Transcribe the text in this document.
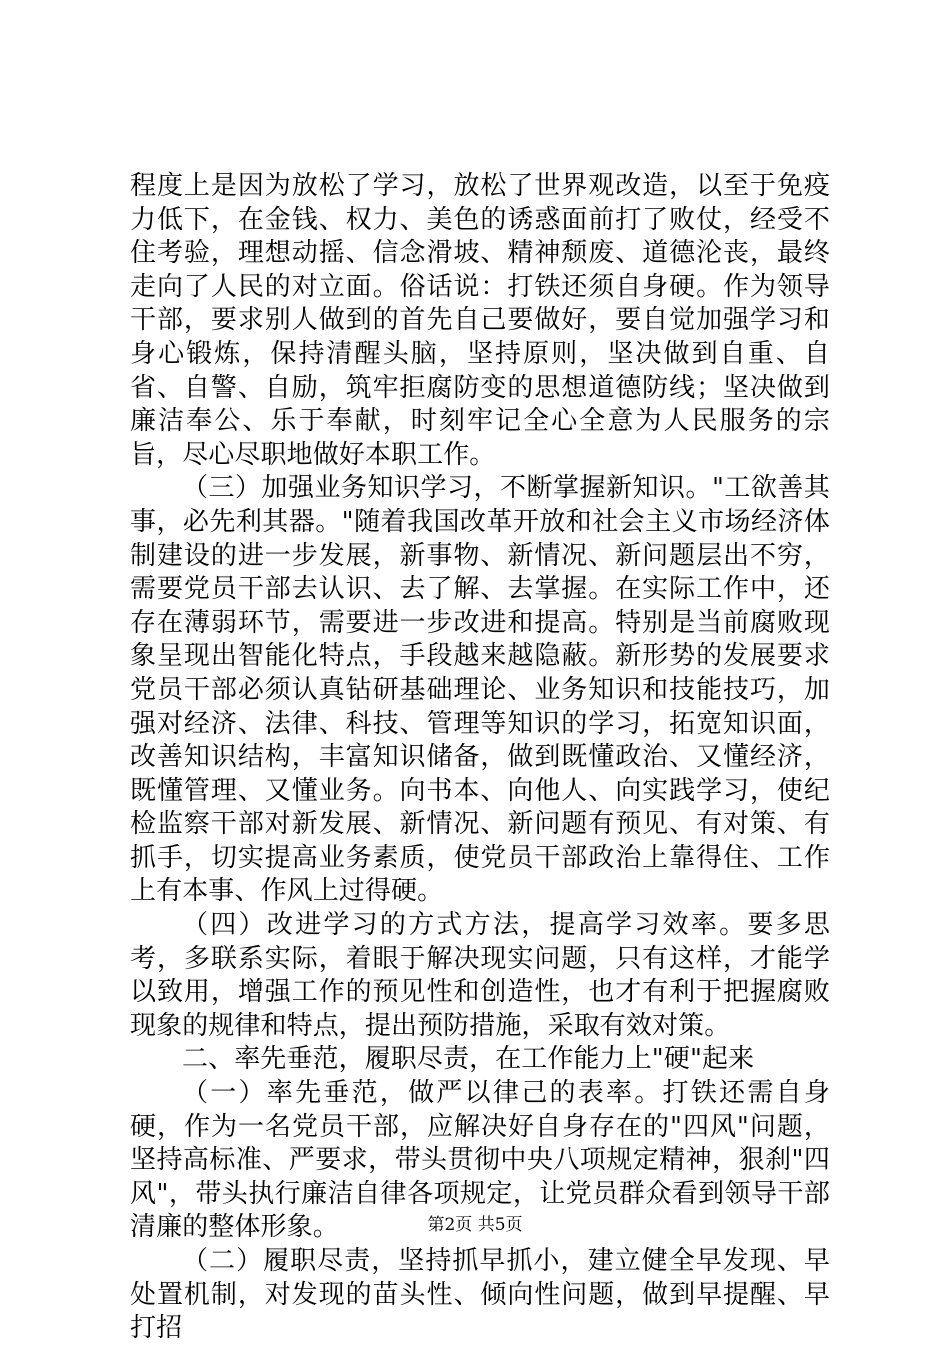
程度上是因为放松了学习，放松了世界观改造，以至于免疫力低下，在金钱、权力、美色的诱惑面前打了败仗，经受不住考验，理想动摇、信念滑坡、精神颓废、道德沦丧，最终走向了人民的对立面。俗话说：打铁还须自身硬。作为领导干部，要求别人做到的首先自己要做好，要自觉加强学习和身心锻炼，保持清醒头脑，坚持原则，坚决做到自重、自省、自警、自励，筑牢拒腐防变的思想道德防线；坚决做到廉洁奉公、乐于奉献，时刻牢记全心全意为人民服务的宗旨，尽心尽职地做好本职工作。

（三）加强业务知识学习，不断掌握新知识。"工欲善其事，必先利其器。"随着我国改革开放和社会主义市场经济体制建设的进一步发展，新事物、新情况、新问题层出不穷，需要党员干部去认识、去了解、去掌握。在实际工作中，还存在薄弱环节，需要进一步改进和提高。特别是当前腐败现象呈现出智能化特点，手段越来越隐蔽。新形势的发展要求党员干部必须认真钻研基础理论、业务知识和技能技巧，加强对经济、法律、科技、管理等知识的学习，拓宽知识面，改善知识结构，丰富知识储备，做到既懂政治、又懂经济，既懂管理、又懂业务。向书本、向他人、向实践学习，使纪检监察干部对新发展、新情况、新问题有预见、有对策、有抓手，切实提高业务素质，使党员干部政治上靠得住、工作上有本事、作风上过得硬。

（四）改进学习的方式方法，提高学习效率。要多思考，多联系实际，着眼于解决现实问题，只有这样，才能学以致用，增强工作的预见性和创造性，也才有利于把握腐败现象的规律和特点，提出预防措施，采取有效对策。

二、率先垂范，履职尽责，在工作能力上"硬"起来

（一）率先垂范，做严以律己的表率。打铁还需自身硬，作为一名党员干部，应解决好自身存在的"四风"问题，坚持高标准、严要求，带头贯彻中央八项规定精神，狠刹"四风"，带头执行廉洁自律各项规定，让党员群众看到领导干部清廉的整体形象。

（二）履职尽责，坚持抓早抓小，建立健全早发现、早处置机制，对发现的苗头性、倾向性问题，做到早提醒、早打招

第2页 共5页
